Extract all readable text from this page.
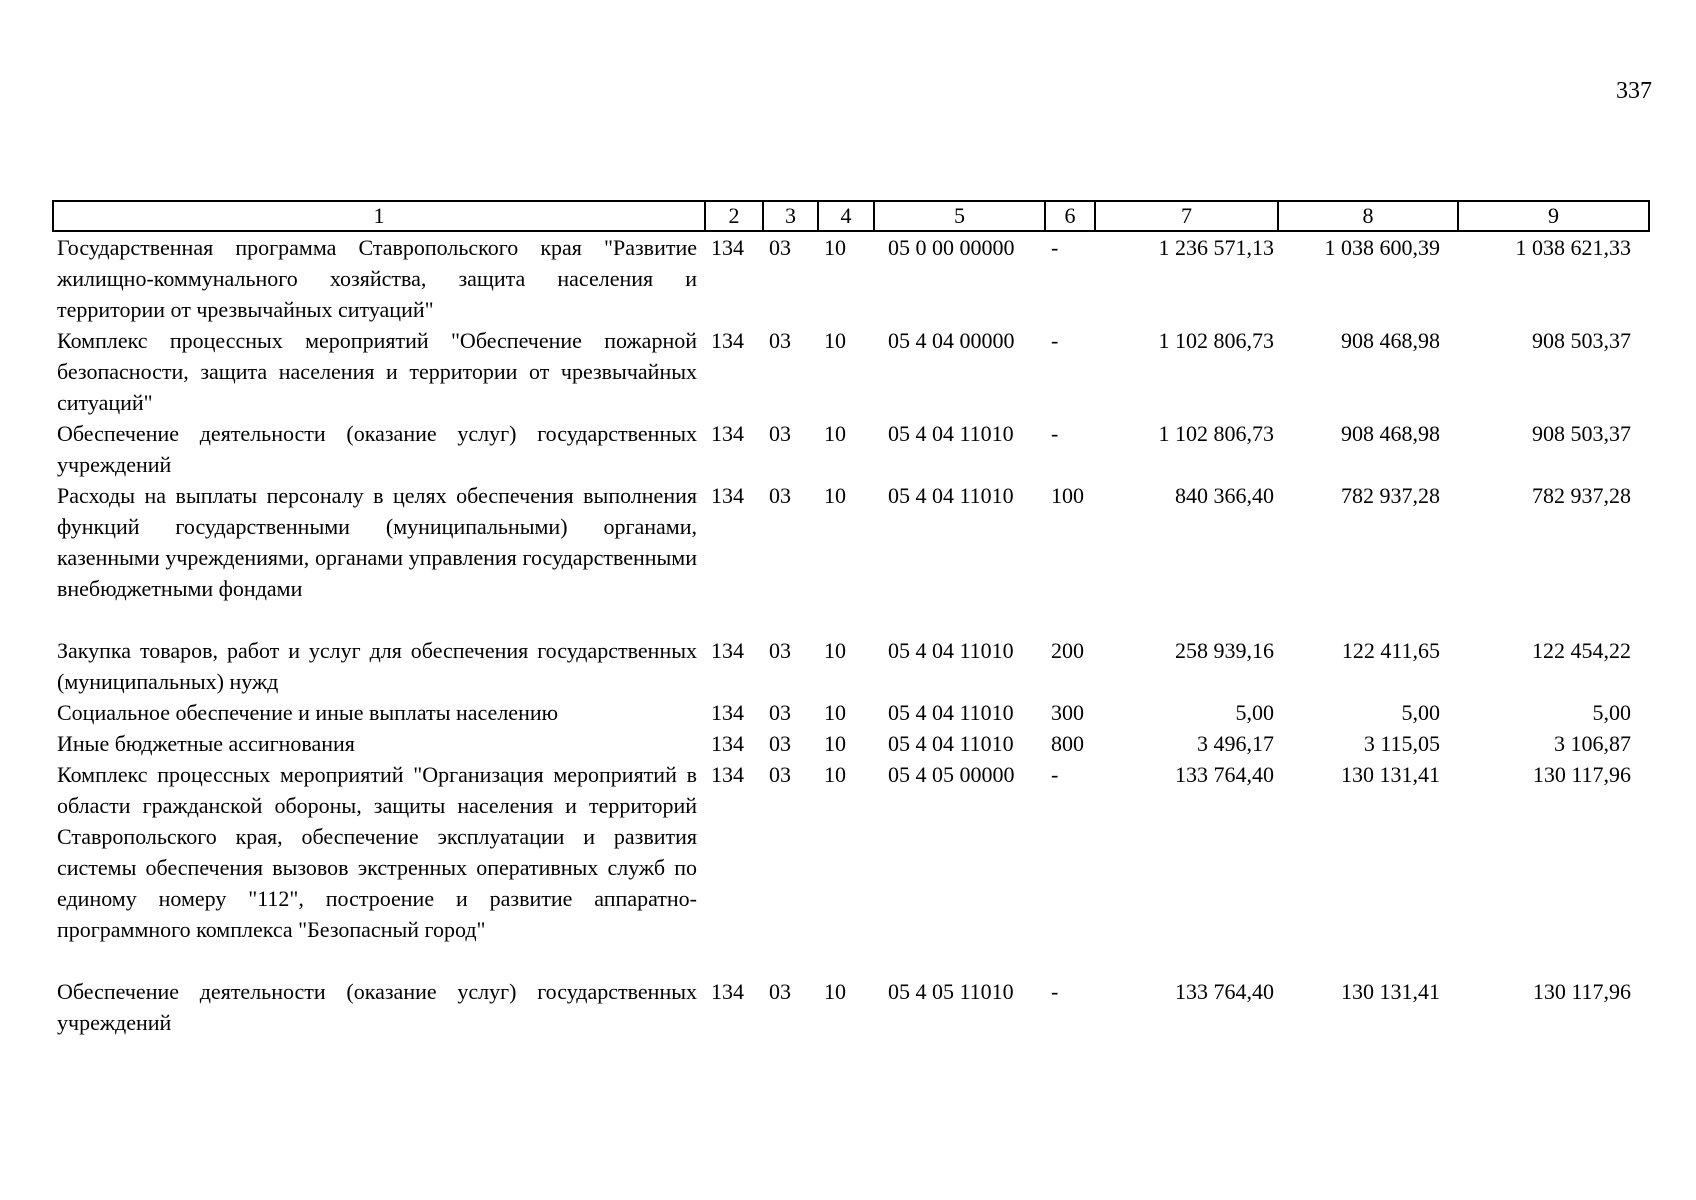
337
1	2	3	4	5	6	7	8	9
Государственная программа Ставропольского края "Развитие жилищно-коммунального хозяйства, защита населения и территории от чрезвычайных ситуаций"	134	03	10	05 0 00 00000	-	1 236 571,13	1 038 600,39	1 038 621,33
Комплекс процессных мероприятий "Обеспечение пожарной безопасности, защита населения и территории от чрезвычайных ситуаций"	134	03	10	05 4 04 00000	-	1 102 806,73	908 468,98	908 503,37
Обеспечение деятельности (оказание услуг) государственных учреждений	134	03	10	05 4 04 11010	-	1 102 806,73	908 468,98	908 503,37
Расходы на выплаты персоналу в целях обеспечения выполнения функций государственными (муниципальными) органами, казенными учреждениями, органами управления государственными внебюджетными фондами	134	03	10	05 4 04 11010	100	840 366,40	782 937,28	782 937,28
Закупка товаров, работ и услуг для обеспечения государственных (муниципальных) нужд	134	03	10	05 4 04 11010	200	258 939,16	122 411,65	122 454,22
Социальное обеспечение и иные выплаты населению	134	03	10	05 4 04 11010	300	5,00	5,00	5,00
Иные бюджетные ассигнования	134	03	10	05 4 04 11010	800	3 496,17	3 115,05	3 106,87
Комплекс процессных мероприятий "Организация мероприятий в области гражданской обороны, защиты населения и территорий Ставропольского края, обеспечение эксплуатации и развития системы обеспечения вызовов экстренных оперативных служб по единому номеру "112", построение и развитие аппаратно-программного комплекса "Безопасный город"	134	03	10	05 4 05 00000	-	133 764,40	130 131,41	130 117,96
Обеспечение деятельности (оказание услуг) государственных учреждений	134	03	10	05 4 05 11010	-	133 764,40	130 131,41	130 117,96
